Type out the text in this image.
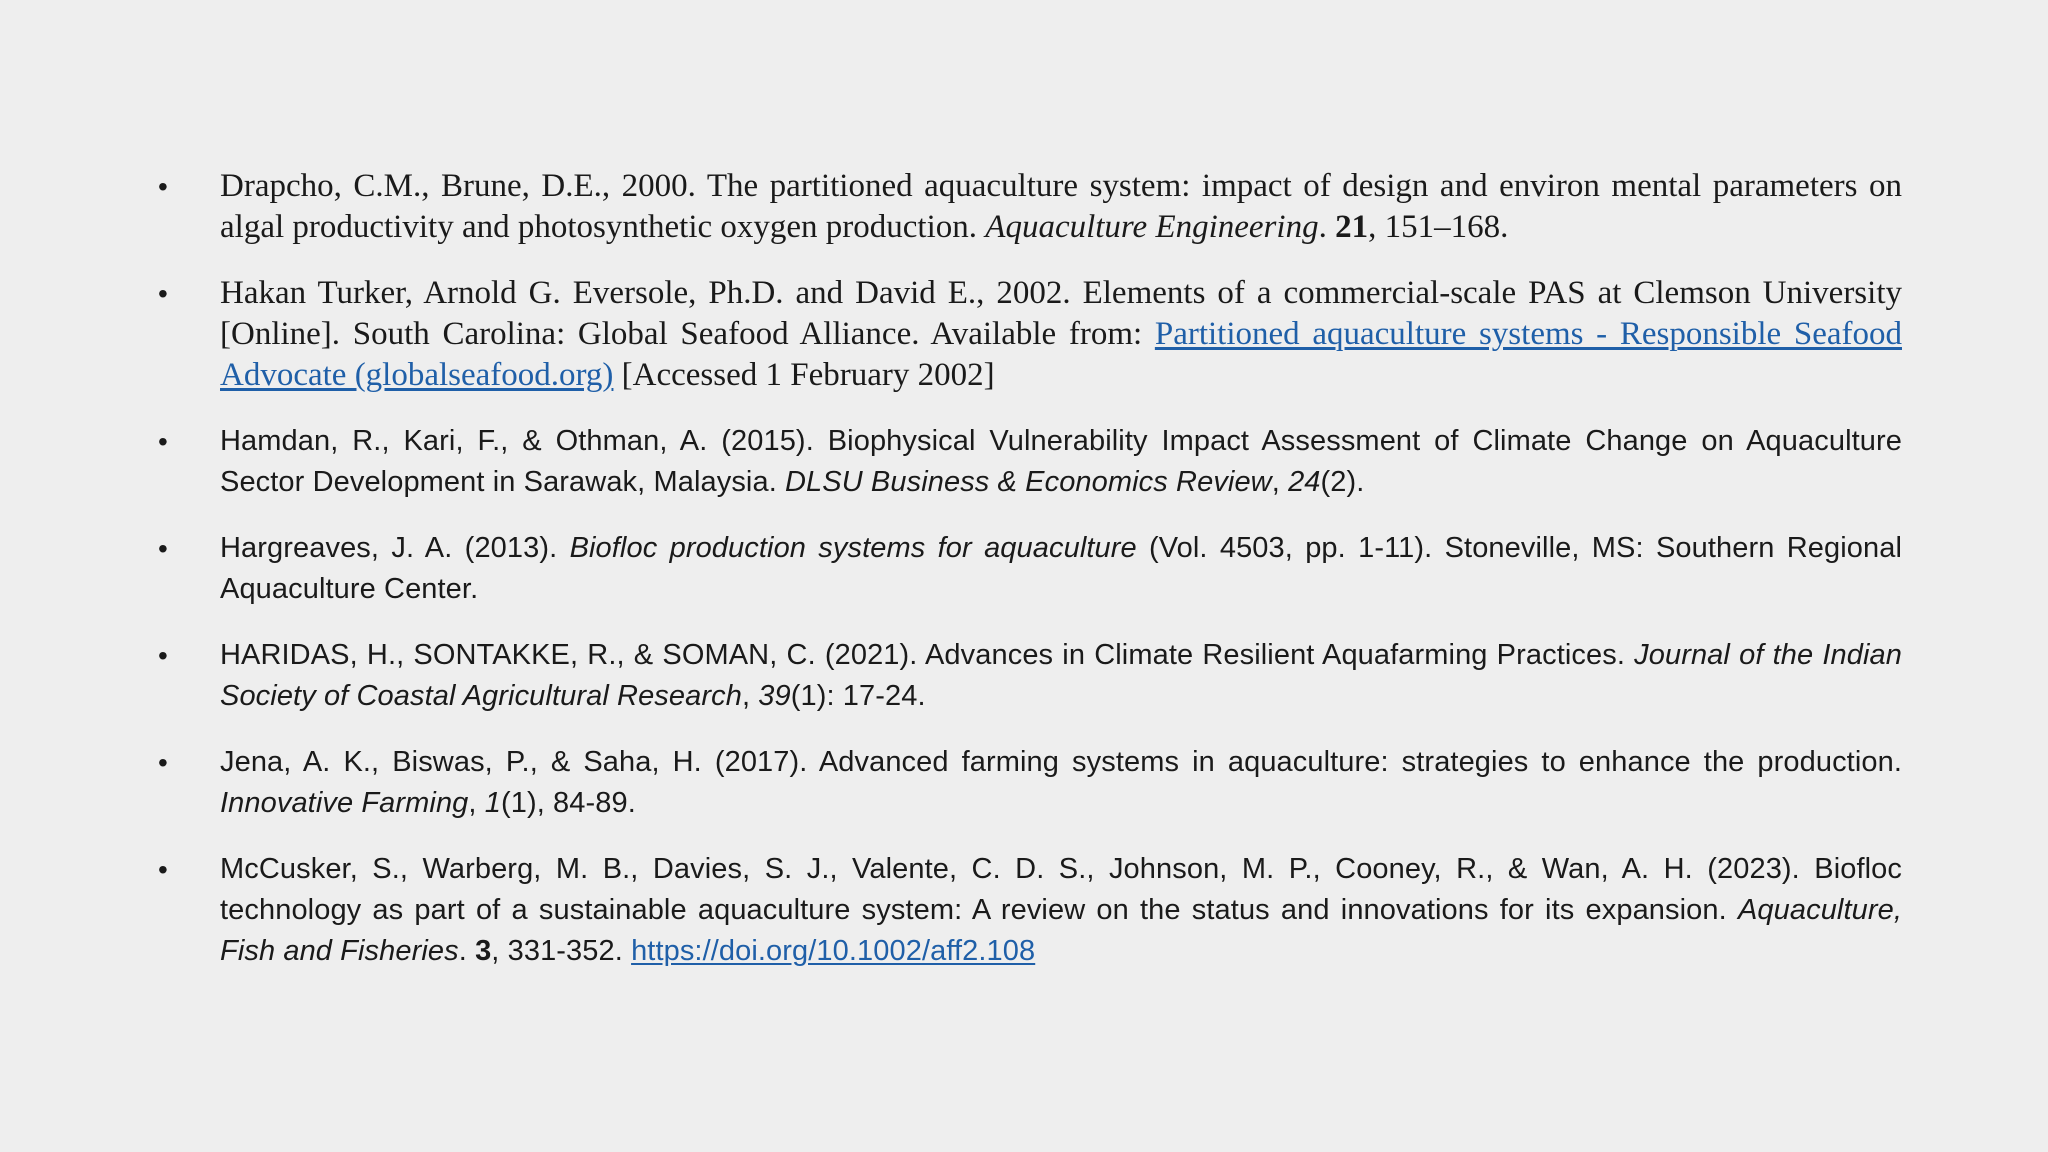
• Drapcho, C.M., Brune, D.E., 2000. The partitioned aquaculture system: impact of design and environ mental parameters on algal productivity and photosynthetic oxygen production. Aquaculture Engineering. 21, 151–168.
• Hakan Turker, Arnold G. Eversole, Ph.D. and David E., 2002. Elements of a commercial-scale PAS at Clemson University [Online]. South Carolina: Global Seafood Alliance. Available from: Partitioned aquaculture systems - Responsible Seafood Advocate (globalseafood.org) [Accessed 1 February 2002]
• Hamdan, R., Kari, F., & Othman, A. (2015). Biophysical Vulnerability Impact Assessment of Climate Change on Aquaculture Sector Development in Sarawak, Malaysia. DLSU Business & Economics Review, 24(2).
• Hargreaves, J. A. (2013). Biofloc production systems for aquaculture (Vol. 4503, pp. 1-11). Stoneville, MS: Southern Regional Aquaculture Center.
• HARIDAS, H., SONTAKKE, R., & SOMAN, C. (2021). Advances in Climate Resilient Aquafarming Practices. Journal of the Indian Society of Coastal Agricultural Research, 39(1): 17-24.
• Jena, A. K., Biswas, P., & Saha, H. (2017). Advanced farming systems in aquaculture: strategies to enhance the production. Innovative Farming, 1(1), 84-89.
• McCusker, S., Warberg, M. B., Davies, S. J., Valente, C. D. S., Johnson, M. P., Cooney, R., & Wan, A. H. (2023). Biofloc technology as part of a sustainable aquaculture system: A review on the status and innovations for its expansion. Aquaculture, Fish and Fisheries. 3, 331-352. https://doi.org/10.1002/aff2.108
